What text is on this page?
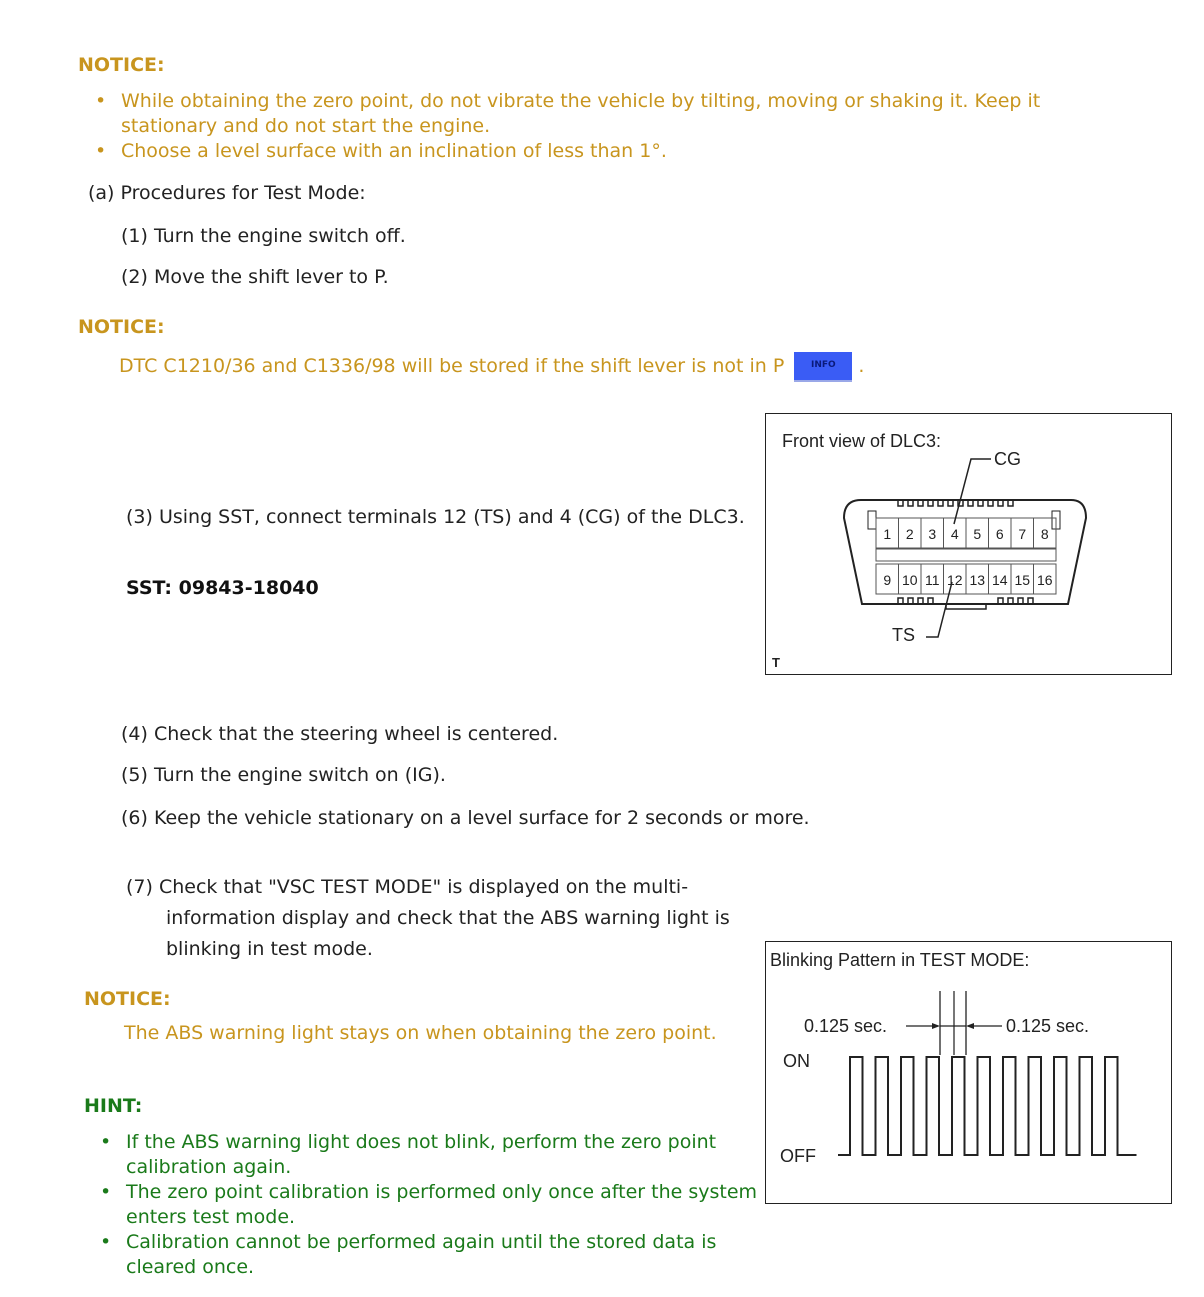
NOTICE:
• While obtaining the zero point, do not vibrate the vehicle by tilting, moving or shaking it. Keep it stationary and do not start the engine.
• Choose a level surface with an inclination of less than 1°.
(a) Procedures for Test Mode:
(1) Turn the engine switch off.
(2) Move the shift lever to P.
NOTICE:
DTC C1210/36 and C1336/98 will be stored if the shift lever is not in P	INFO .
(3) Using SST, connect terminals 12 (TS) and 4 (CG) of the DLC3.
SST: 09843-18040
Front view of DLC3:
CG
TS
T
1 2 3 4 5 6 7 8
9 10 11 12 13 14 15 16
(4) Check that the steering wheel is centered.
(5) Turn the engine switch on (IG).
(6) Keep the vehicle stationary on a level surface for 2 seconds or more.
(7) Check that "VSC TEST MODE" is displayed on the multi-information display and check that the ABS warning light is blinking in test mode.	Blinking Pattern in TEST MODE:
0.125 sec.	0.125 sec.
ON
OFF
NOTICE:
The ABS warning light stays on when obtaining the zero point.
HINT:
• If the ABS warning light does not blink, perform the zero point calibration again.
• The zero point calibration is performed only once after the system enters test mode.
• Calibration cannot be performed again until the stored data is cleared once.
